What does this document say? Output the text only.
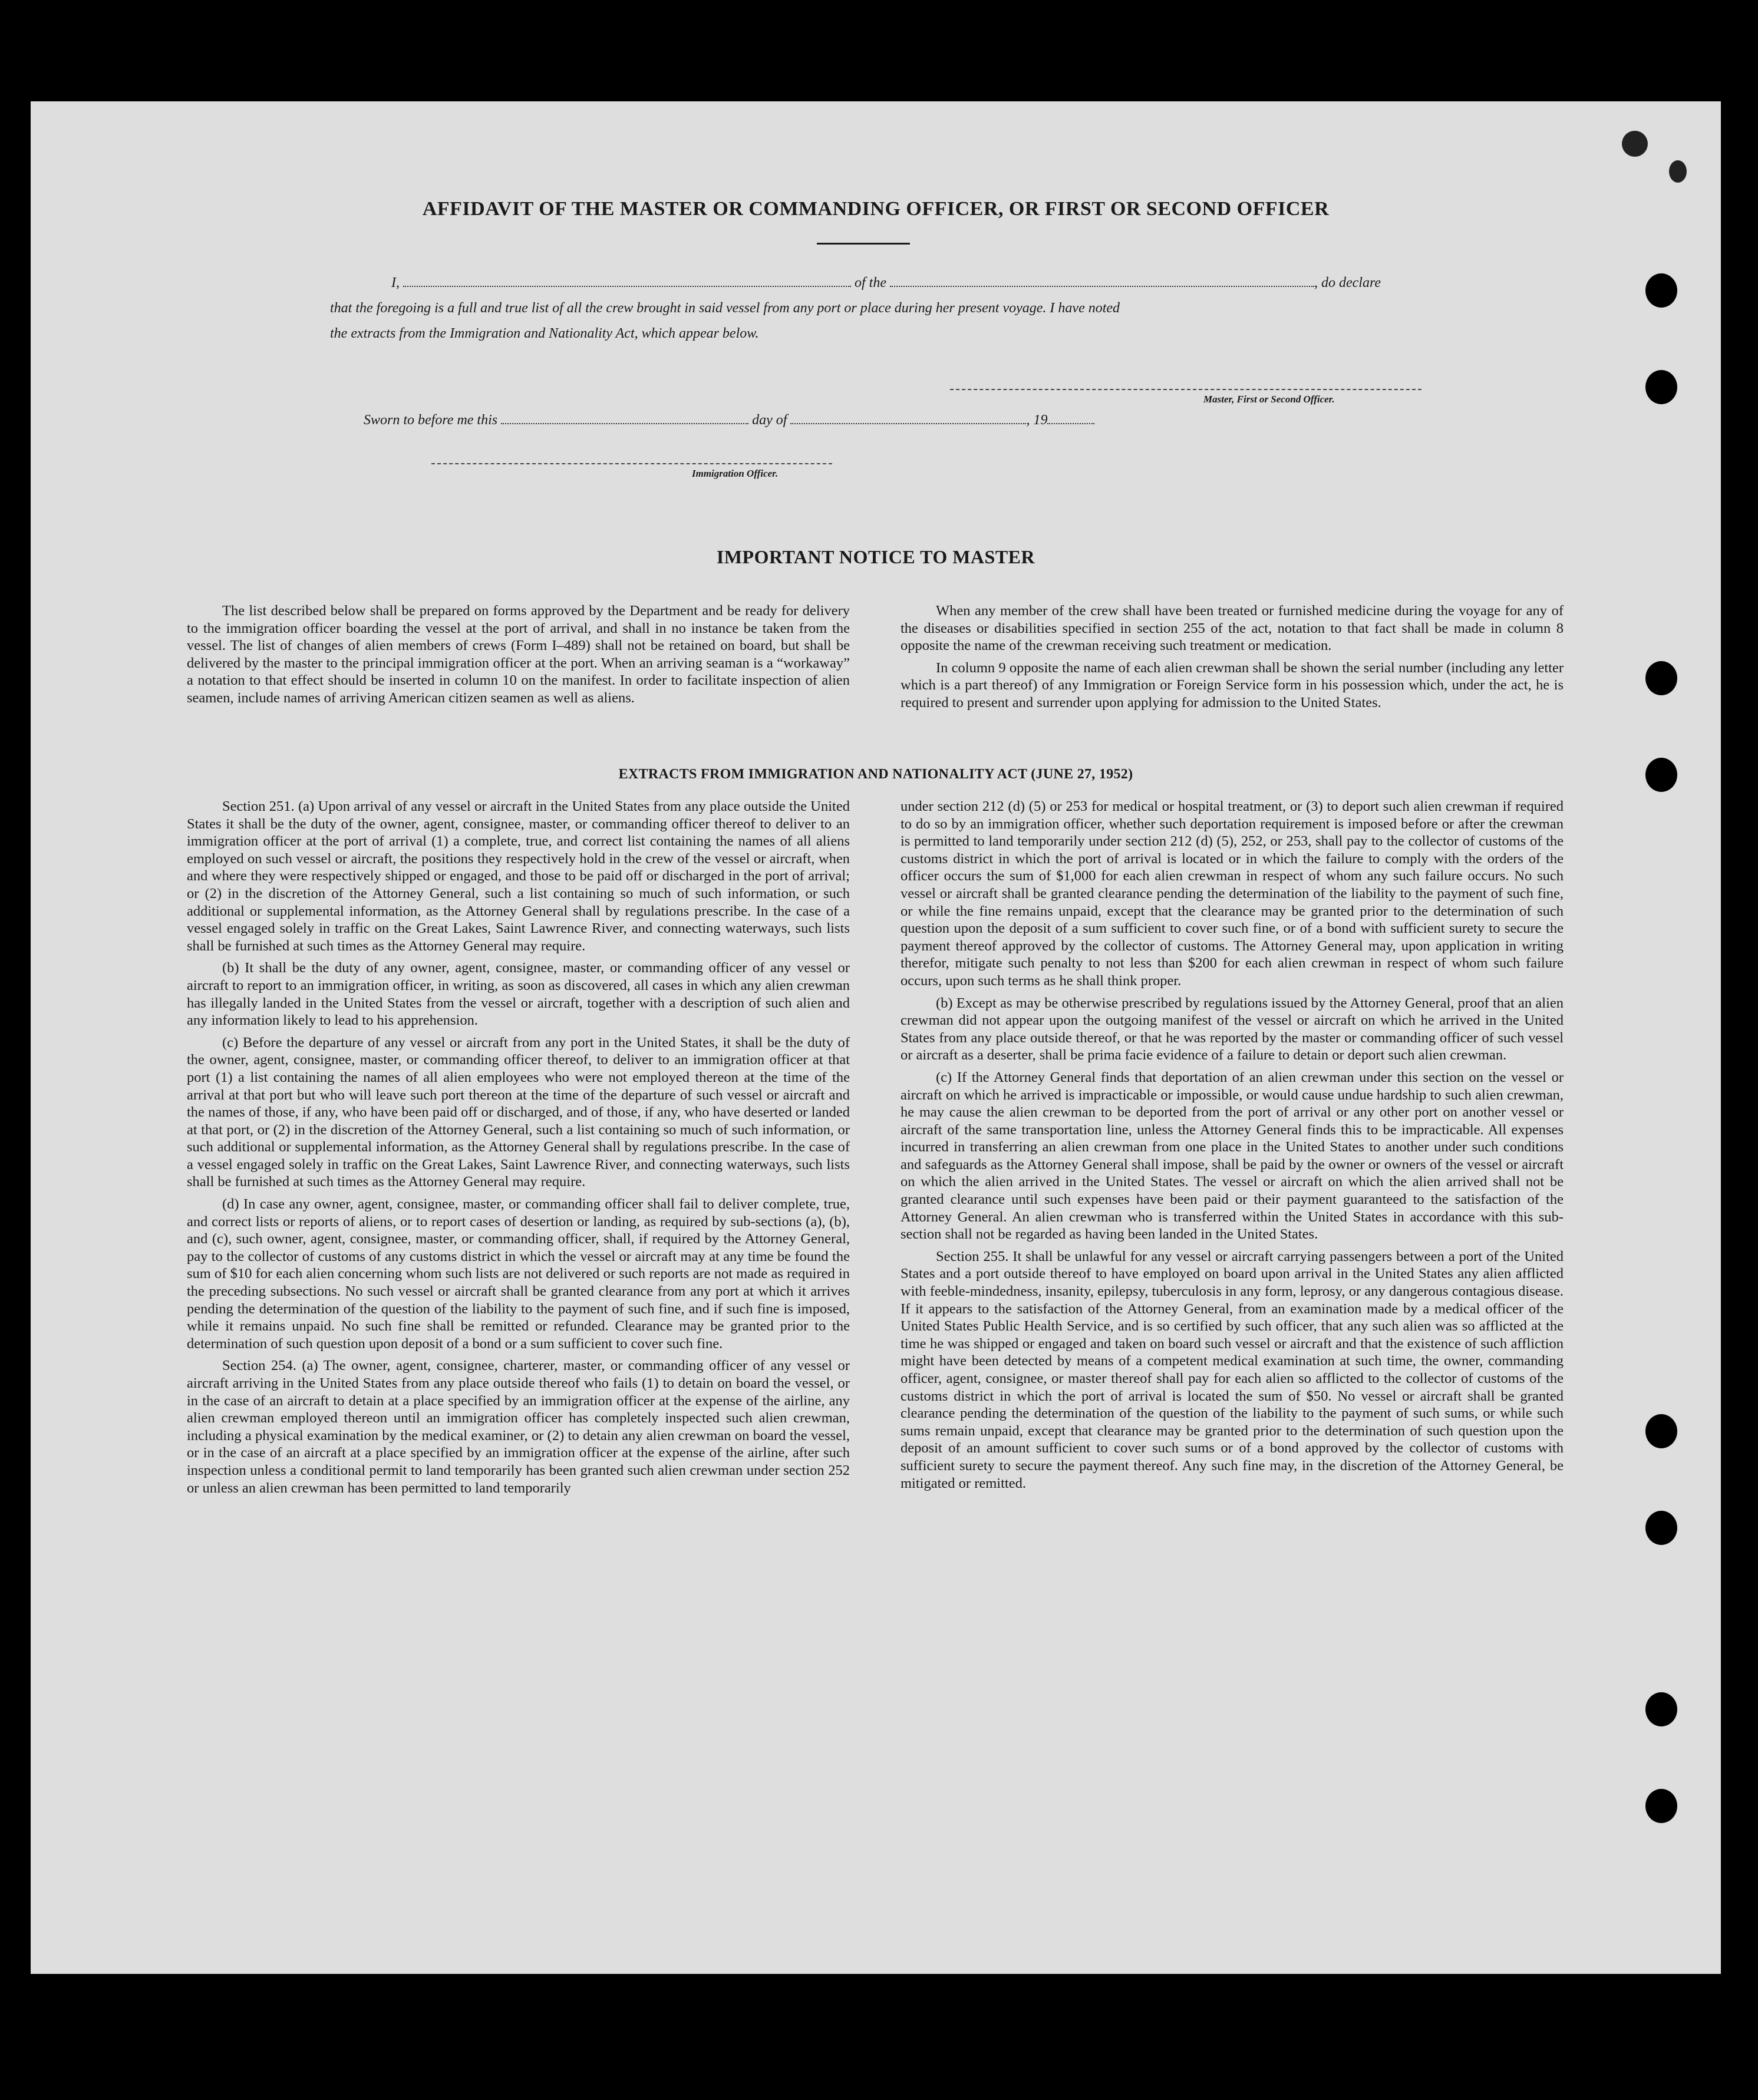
AFFIDAVIT OF THE MASTER OR COMMANDING OFFICER, OR FIRST OR SECOND OFFICER
I,	of the	, do declare
that the foregoing is a full and true list of all the crew brought in said vessel from any port or place during her present voyage. I have noted
the extracts from the Immigration and Nationality Act, which appear below.
Master, First or Second Officer.
Sworn to before me this	day of	, 19
Immigration Officer.
IMPORTANT NOTICE TO MASTER

The list described below shall be prepared on forms approved by the Department and be ready for delivery to the immigration officer boarding the vessel at the port of arrival, and shall in no instance be taken from the vessel. The list of changes of alien members of crews (Form I–489) shall not be retained on board, but shall be delivered by the master to the principal immigration officer at the port. When an arriving seaman is a “workaway” a notation to that effect should be inserted in column 10 on the manifest. In order to facilitate inspection of alien seamen, include names of arriving American citizen seamen as well as aliens.

When any member of the crew shall have been treated or furnished medicine during the voyage for any of the diseases or disabilities specified in section 255 of the act, notation to that fact shall be made in column 8 opposite the name of the crewman receiving such treatment or medication.

In column 9 opposite the name of each alien crewman shall be shown the serial number (including any letter which is a part thereof) of any Immigration or Foreign Service form in his possession which, under the act, he is required to present and surrender upon applying for admission to the United States.

EXTRACTS FROM IMMIGRATION AND NATIONALITY ACT (JUNE 27, 1952)

Section 251. (a) Upon arrival of any vessel or aircraft in the United States from any place outside the United States it shall be the duty of the owner, agent, consignee, master, or commanding officer thereof to deliver to an immigration officer at the port of arrival (1) a complete, true, and correct list containing the names of all aliens employed on such vessel or aircraft, the positions they respectively hold in the crew of the vessel or aircraft, when and where they were respectively shipped or engaged, and those to be paid off or discharged in the port of arrival; or (2) in the discretion of the Attorney General, such a list containing so much of such information, or such additional or supplemental information, as the Attorney General shall by regulations prescribe. In the case of a vessel engaged solely in traffic on the Great Lakes, Saint Lawrence River, and connecting waterways, such lists shall be furnished at such times as the Attorney General may require.

(b) It shall be the duty of any owner, agent, consignee, master, or commanding officer of any vessel or aircraft to report to an immigration officer, in writing, as soon as discovered, all cases in which any alien crewman has illegally landed in the United States from the vessel or aircraft, together with a description of such alien and any information likely to lead to his apprehension.

(c) Before the departure of any vessel or aircraft from any port in the United States, it shall be the duty of the owner, agent, consignee, master, or commanding officer thereof, to deliver to an immigration officer at that port (1) a list containing the names of all alien employees who were not employed thereon at the time of the arrival at that port but who will leave such port thereon at the time of the departure of such vessel or aircraft and the names of those, if any, who have been paid off or discharged, and of those, if any, who have deserted or landed at that port, or (2) in the discretion of the Attorney General, such a list containing so much of such information, or such additional or supplemental information, as the Attorney General shall by regulations prescribe. In the case of a vessel engaged solely in traffic on the Great Lakes, Saint Lawrence River, and connecting waterways, such lists shall be furnished at such times as the Attorney General may require.

(d) In case any owner, agent, consignee, master, or commanding officer shall fail to deliver complete, true, and correct lists or reports of aliens, or to report cases of desertion or landing, as required by sub-sections (a), (b), and (c), such owner, agent, consignee, master, or commanding officer, shall, if required by the Attorney General, pay to the collector of customs of any customs district in which the vessel or aircraft may at any time be found the sum of $10 for each alien concerning whom such lists are not delivered or such reports are not made as required in the preceding subsections. No such vessel or aircraft shall be granted clearance from any port at which it arrives pending the determination of the question of the liability to the payment of such fine, and if such fine is imposed, while it remains unpaid. No such fine shall be remitted or refunded. Clearance may be granted prior to the determination of such question upon deposit of a bond or a sum sufficient to cover such fine.

Section 254. (a) The owner, agent, consignee, charterer, master, or commanding officer of any vessel or aircraft arriving in the United States from any place outside thereof who fails (1) to detain on board the vessel, or in the case of an aircraft to detain at a place specified by an immigration officer at the expense of the airline, any alien crewman employed thereon until an immigration officer has completely inspected such alien crewman, including a physical examination by the medical examiner, or (2) to detain any alien crewman on board the vessel, or in the case of an aircraft at a place specified by an immigration officer at the expense of the airline, after such inspection unless a conditional permit to land temporarily has been granted such alien crewman under section 252 or unless an alien crewman has been permitted to land temporarily

under section 212 (d) (5) or 253 for medical or hospital treatment, or (3) to deport such alien crewman if required to do so by an immigration officer, whether such deportation requirement is imposed before or after the crewman is permitted to land temporarily under section 212 (d) (5), 252, or 253, shall pay to the collector of customs of the customs district in which the port of arrival is located or in which the failure to comply with the orders of the officer occurs the sum of $1,000 for each alien crewman in respect of whom any such failure occurs. No such vessel or aircraft shall be granted clearance pending the determination of the liability to the payment of such fine, or while the fine remains unpaid, except that the clearance may be granted prior to the determination of such question upon the deposit of a sum sufficient to cover such fine, or of a bond with sufficient surety to secure the payment thereof approved by the collector of customs. The Attorney General may, upon application in writing therefor, mitigate such penalty to not less than $200 for each alien crewman in respect of whom such failure occurs, upon such terms as he shall think proper.

(b) Except as may be otherwise prescribed by regulations issued by the Attorney General, proof that an alien crewman did not appear upon the outgoing manifest of the vessel or aircraft on which he arrived in the United States from any place outside thereof, or that he was reported by the master or commanding officer of such vessel or aircraft as a deserter, shall be prima facie evidence of a failure to detain or deport such alien crewman.

(c) If the Attorney General finds that deportation of an alien crewman under this section on the vessel or aircraft on which he arrived is impracticable or impossible, or would cause undue hardship to such alien crewman, he may cause the alien crewman to be deported from the port of arrival or any other port on another vessel or aircraft of the same transportation line, unless the Attorney General finds this to be impracticable. All expenses incurred in transferring an alien crewman from one place in the United States to another under such conditions and safeguards as the Attorney General shall impose, shall be paid by the owner or owners of the vessel or aircraft on which the alien arrived in the United States. The vessel or aircraft on which the alien arrived shall not be granted clearance until such expenses have been paid or their payment guaranteed to the satisfaction of the Attorney General. An alien crewman who is transferred within the United States in accordance with this sub-section shall not be regarded as having been landed in the United States.

Section 255. It shall be unlawful for any vessel or aircraft carrying passengers between a port of the United States and a port outside thereof to have employed on board upon arrival in the United States any alien afflicted with feeble-mindedness, insanity, epilepsy, tuberculosis in any form, leprosy, or any dangerous contagious disease. If it appears to the satisfaction of the Attorney General, from an examination made by a medical officer of the United States Public Health Service, and is so certified by such officer, that any such alien was so afflicted at the time he was shipped or engaged and taken on board such vessel or aircraft and that the existence of such affliction might have been detected by means of a competent medical examination at such time, the owner, commanding officer, agent, consignee, or master thereof shall pay for each alien so afflicted to the collector of customs of the customs district in which the port of arrival is located the sum of $50. No vessel or aircraft shall be granted clearance pending the determination of the question of the liability to the payment of such sums, or while such sums remain unpaid, except that clearance may be granted prior to the determination of such question upon the deposit of an amount sufficient to cover such sums or of a bond approved by the collector of customs with sufficient surety to secure the payment thereof. Any such fine may, in the discretion of the Attorney General, be mitigated or remitted.
